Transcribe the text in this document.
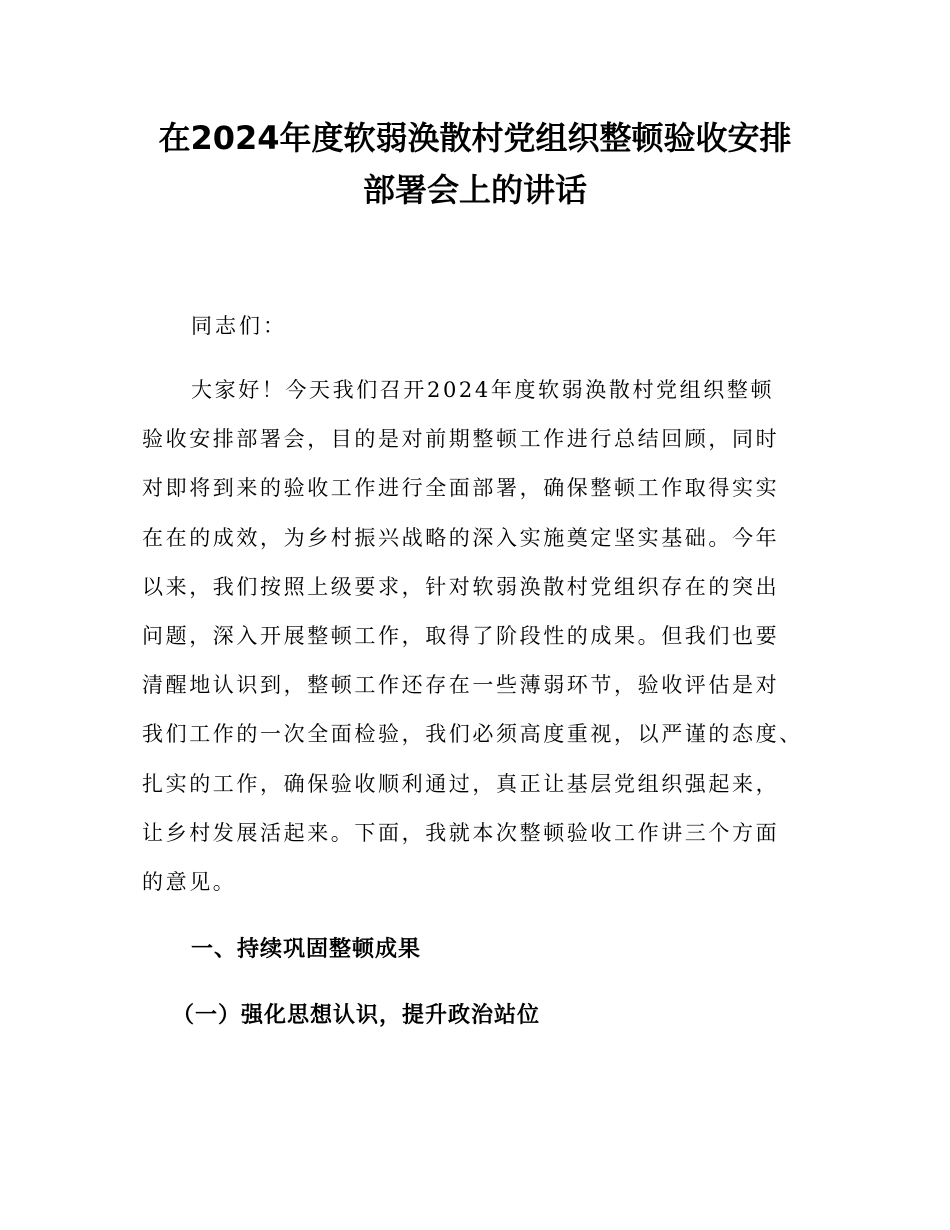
在2024年度软弱涣散村党组织整顿验收安排
部署会上的讲话

同志们：

大家好！今天我们召开2024年度软弱涣散村党组织整顿
验收安排部署会，目的是对前期整顿工作进行总结回顾，同时
对即将到来的验收工作进行全面部署，确保整顿工作取得实实
在在的成效，为乡村振兴战略的深入实施奠定坚实基础。今年
以来，我们按照上级要求，针对软弱涣散村党组织存在的突出
问题，深入开展整顿工作，取得了阶段性的成果。但我们也要
清醒地认识到，整顿工作还存在一些薄弱环节，验收评估是对
我们工作的一次全面检验，我们必须高度重视，以严谨的态度、
扎实的工作，确保验收顺利通过，真正让基层党组织强起来，
让乡村发展活起来。下面，我就本次整顿验收工作讲三个方面
的意见。
一、持续巩固整顿成果
（一）强化思想认识，提升政治站位
